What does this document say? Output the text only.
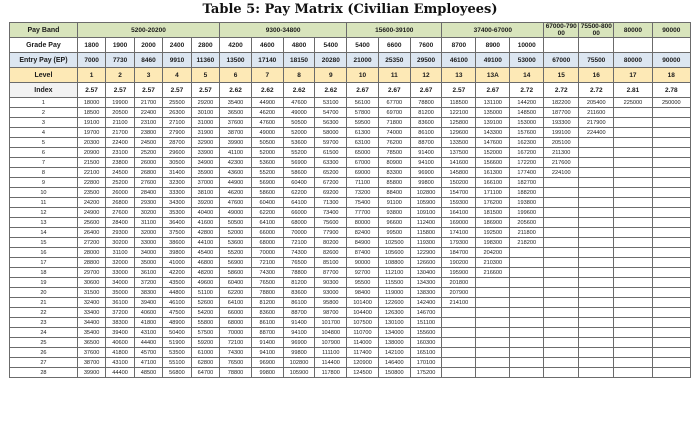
Table 5: Pay Matrix (Civilian Employees)
Pay Band	5200-20200					9300-34800				15600-39100			37400-67000			67000-79000	75500-80000	80000	90000
Grade Pay	1800	1900	2000	2400	2800	4200	4600	4800	5400	5400	6600	7600	8700	8900	10000				
Entry Pay (EP)	7000	7730	8460	9910	11360	13500	17140	18150	20280	21000	25350	29500	46100	49100	53000	67000	75500	80000	90000
Level	1	2	3	4	5	6	7	8	9	10	11	12	13	13A	14	15	16	17	18
Index	2.57	2.57	2.57	2.57	2.57	2.62	2.62	2.62	2.62	2.67	2.67	2.67	2.57	2.67	2.72	2.72	2.72	2.81	2.78
1	18000	19900	21700	25500	29200	35400	44900	47600	53100	56100	67700	78800	118500	131100	144200	182200	205400	225000	250000
2	18500	20500	22400	26300	30100	36500	46200	49000	54700	57800	69700	81200	122100	135000	148500	187700	211600		
3	19100	21100	23100	27100	31000	37600	47600	50500	56300	59500	71800	83600	125800	139100	153000	193300	217900		
4	19700	21700	23800	27900	31900	38700	49000	52000	58000	61300	74000	86100	129600	143300	157600	199100	224400		
5	20300	22400	24500	28700	32900	39900	50500	53600	59700	63100	76200	88700	133500	147600	162300	205100			
6	20900	23100	25200	29600	33900	41100	52000	55200	61500	65000	78500	91400	137500	152000	167200	211300			
7	21500	23800	26000	30500	34900	42300	53600	56900	63300	67000	80900	94100	141600	156600	172200	217600			
8	22100	24500	26800	31400	35900	43600	55200	58600	65200	69000	83300	96900	145800	161300	177400	224100			
9	22800	25200	27600	32300	37000	44900	56900	60400	67200	71100	85800	99800	150200	166100	182700				
10	23500	26000	28400	33300	38100	46200	58600	62200	69200	73200	88400	102800	154700	171100	188200				
11	24200	26800	29300	34300	39200	47600	60400	64100	71300	75400	91100	105900	159300	176200	193800				
12	24900	27600	30200	35300	40400	49000	62200	66000	73400	77700	93800	109100	164100	181500	199600				
13	25600	28400	31100	36400	41600	50500	64100	68000	75600	80000	96600	112400	169000	186900	205600				
14	26400	29300	32000	37500	42800	52000	66000	70000	77900	82400	99500	115800	174100	192500	211800				
15	27200	30200	33000	38600	44100	53600	68000	72100	80200	84900	102500	119300	179300	198300	218200				
16	28000	31100	34000	39800	45400	55200	70000	74300	82600	87400	105600	122900	184700	204200					
17	28800	32000	35000	41000	46800	56900	72100	76500	85100	90000	108800	126600	190200	210300					
18	29700	33000	36100	42200	48200	58600	74300	78800	87700	92700	112100	130400	195900	216600					
19	30600	34000	37200	43500	49600	60400	76500	81200	90300	95500	115500	134300	201800						
20	31500	35000	38300	44800	51100	62200	78800	83600	93000	98400	119000	138300	207900						
21	32400	36100	39400	46100	52600	64100	81200	86100	95800	101400	122600	142400	214100						
22	33400	37200	40600	47500	54200	66000	83600	88700	98700	104400	126300	146700							
23	34400	38300	41800	48900	55800	68000	86100	91400	101700	107500	130100	151100							
24	35400	39400	43100	50400	57500	70000	88700	94100	104800	110700	134000	155600							
25	36500	40600	44400	51900	59200	72100	91400	96900	107900	114000	138000	160300							
26	37600	41800	45700	53500	61000	74300	94100	99800	111100	117400	142100	165100							
27	38700	43100	47100	55100	62800	76500	96900	102800	114400	120900	146400	170100							
28	39900	44400	48500	56800	64700	78800	99800	105900	117800	124500	150800	175200							
